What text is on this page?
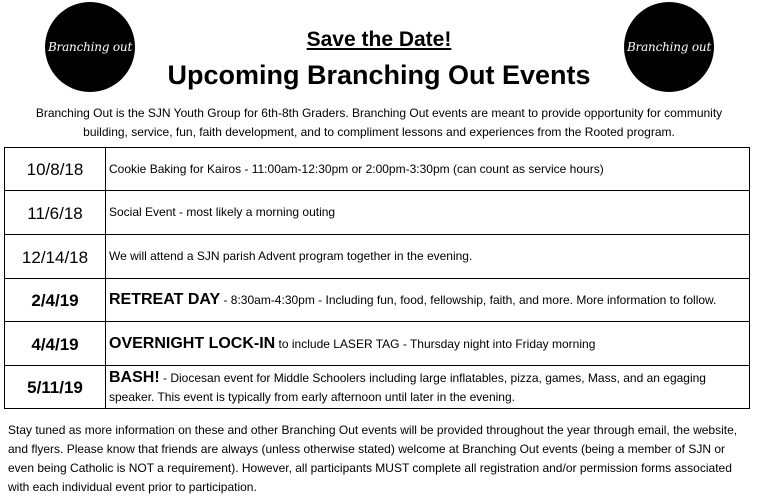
Branching out	Branching out
Save the Date!
Upcoming Branching Out Events
Branching Out is the SJN Youth Group for 6th-8th Graders. Branching Out events are meant to provide opportunity for community building, service, fun, faith development, and to compliment lessons and experiences from the Rooted program.
10/8/18	Cookie Baking for Kairos - 11:00am-12:30pm or 2:00pm-3:30pm (can count as service hours)
11/6/18	Social Event - most likely a morning outing
12/14/18	We will attend a SJN parish Advent program together in the evening.
2/4/19	RETREAT DAY - 8:30am-4:30pm - Including fun, food, fellowship, faith, and more. More information to follow.
4/4/19	OVERNIGHT LOCK-IN to include LASER TAG - Thursday night into Friday morning
5/11/19	BASH! - Diocesan event for Middle Schoolers including large inflatables, pizza, games, Mass, and an egaging speaker. This event is typically from early afternoon until later in the evening.
Stay tuned as more information on these and other Branching Out events will be provided throughout the year through email, the website, and flyers. Please know that friends are always (unless otherwise stated) welcome at Branching Out events (being a member of SJN or even being Catholic is NOT a requirement). However, all participants MUST complete all registration and/or permission forms associated with each individual event prior to participation.
